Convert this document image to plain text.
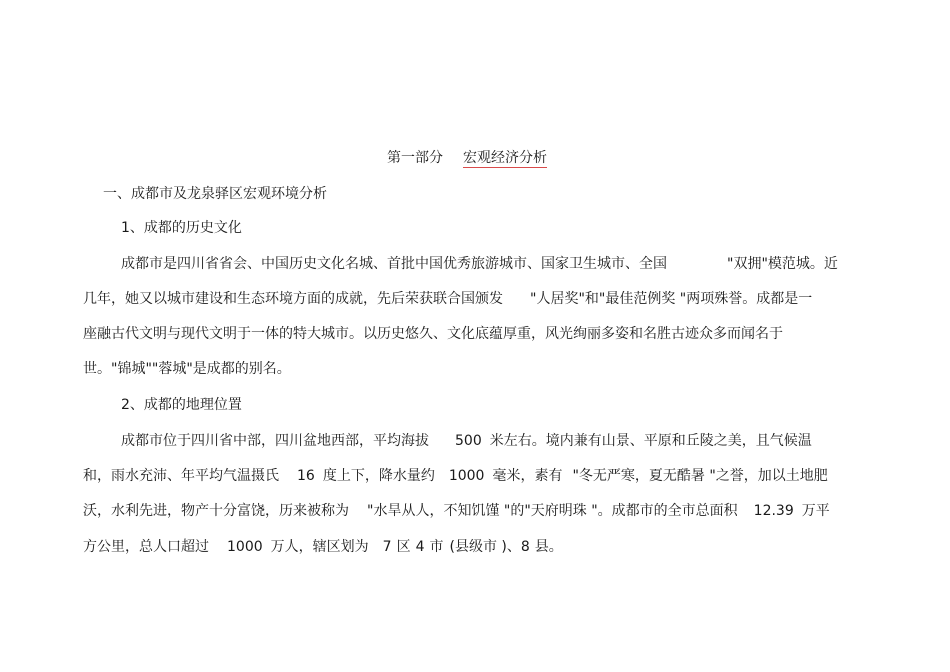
第一部分 宏观经济分析
一、成都市及龙泉驿区宏观环境分析
1、成都的历史文化
成都市是四川省省会、中国历史文化名城、首批中国优秀旅游城市、国家卫生城市、全国	"双拥"模范城。近
几年，她又以城市建设和生态环境方面的成就，先后荣获联合国颁发 "人居奖"和"最佳范例奖 "两项殊誉。成都是一
座融古代文明与现代文明于一体的特大城市。以历史悠久、文化底蕴厚重，风光绚丽多姿和名胜古迹众多而闻名于
世。"锦城""蓉城"是成都的别名。
2、成都的地理位置
成都市位于四川省中部，四川盆地西部，平均海拔 500 米左右。境内兼有山景、平原和丘陵之美，且气候温
和，雨水充沛、年平均气温摄氏 16 度上下，降水量约 1000 毫米，素有 "冬无严寒，夏无酷暑 "之誉，加以土地肥
沃，水利先进，物产十分富饶，历来被称为 "水旱从人，不知饥馑 "的"天府明珠 "。成都市的全市总面积 12.39 万平
方公里，总人口超过 1000 万人，辖区划为 7 区 4 市 (县级市 )、8 县。
